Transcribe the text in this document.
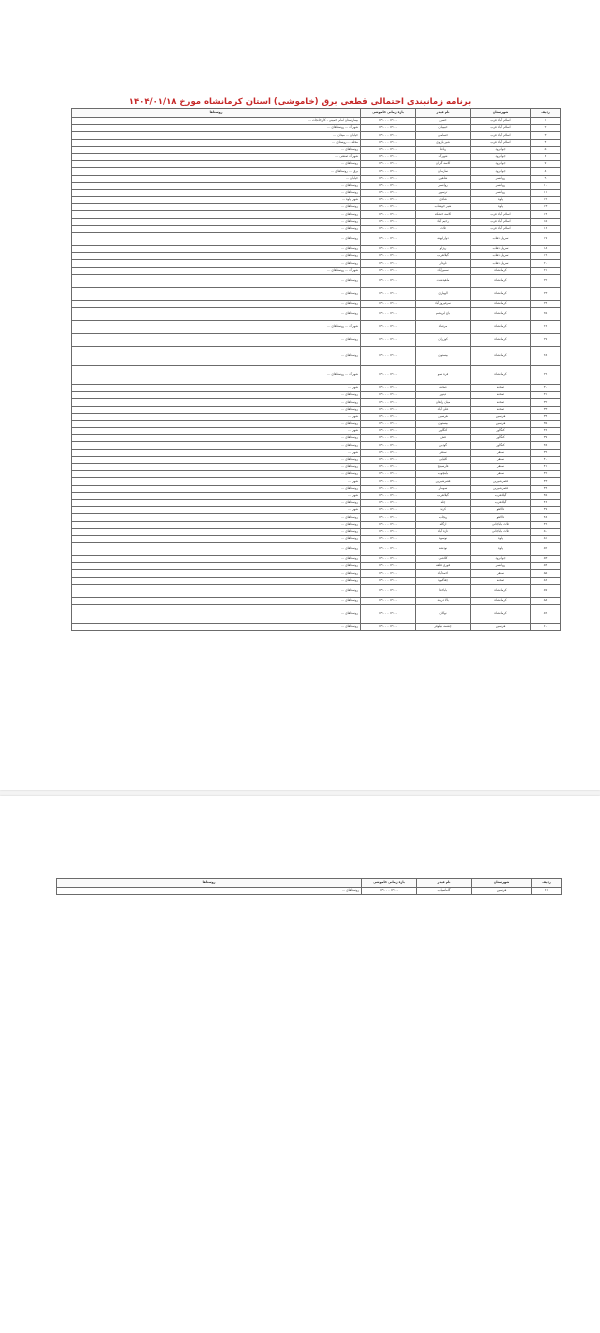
برنامه زمانبندی احتمالی قطعی برق (خاموشی) استان کرمانشاه مورخ ۱۴۰۴/۰۱/۱۸
ردیف	شهرستان	نام فیدر	بازه زمانی خاموشی	روستاها
۱	اسلام آباد غرب	حسن	۱۳:۰۰ - ۱۴:۰۰	بیمارستان امام خمینی - کارخانجات ...
۲	اسلام آباد غرب	حبیبیان	۱۳:۰۰ - ۱۴:۰۰	شهرک ... روستاهای ...
۳	اسلام آباد غرب	حسامی	۱۳:۰۰ - ۱۴:۰۰	خیابان ... میدان ...
۴	اسلام آباد غرب	شیر بازوی	۱۳:۰۰ - ۱۴:۰۰	محله ... روستای ...
۵	جوانرود	رباط	۱۳:۰۰ - ۱۴:۰۰	روستاهای ...
۶	جوانرود	شهرک	۱۳:۰۰ - ۱۴:۰۰	شهرک صنعتی ...
۷	جوانرود	کاسه گران	۱۳:۰۰ - ۱۴:۰۰	روستاهای ...
۸	جوانرود	سازمان	۱۳:۰۰ - ۱۴:۰۰	برق ... روستاهای ...
۹	روانسر	شاهین	۱۳:۰۰ - ۱۴:۰۰	خیابان ...
۱۰	روانسر	روانسر	۱۳:۰۰ - ۱۴:۰۰	روستاهای ...
۱۱	روانسر	ترسور	۱۳:۰۰ - ۱۴:۰۰	روستاهای ...
۱۲	پاوه	شادی	۱۳:۰۰ - ۱۴:۰۰	شهر پاوه ...
۱۳	پاوه	شیر خوشاب	۱۳:۰۰ - ۱۴:۰۰	روستاهای ...
۱۴	اسلام آباد غرب	کاسه خشکه	۱۳:۰۰ - ۱۴:۰۰	روستاهای ...
۱۵	اسلام آباد غرب	رحیم آباد	۱۳:۰۰ - ۱۴:۰۰	روستاهای ...
۱۶	اسلام آباد غرب	ثلاث	۱۳:۰۰ - ۱۴:۰۰	روستاهای ...
۱۷	سرپل ذهاب	دوارابهنه	۱۳:۰۰ - ۱۴:۰۰	روستاهای ...
۱۸	سرپل ذهاب	ریژاو	۱۳:۰۰ - ۱۴:۰۰	روستاهای ...
۱۹	سرپل ذهاب	گیلانغرب	۱۳:۰۰ - ۱۴:۰۰	روستاهای ...
۲۰	سرپل ذهاب	ناودار	۱۳:۰۰ - ۱۴:۰۰	روستاهای ...
۲۱	کرمانشاه	سمیرآباد	۱۳:۰۰ - ۱۴:۰۰	شهرک ... روستاهای ...
۲۲	کرمانشاه	ماهیدشت	۱۳:۰۰ - ۱۴:۰۰	روستاهای ...
۲۳	کرمانشاه	الهیاری	۱۳:۰۰ - ۱۴:۰۰	روستاهای ...
۲۴	کرمانشاه	سرفیروزآباد	۱۳:۰۰ - ۱۴:۰۰	روستاهای ...
۲۵	کرمانشاه	باغ ابریشم	۱۳:۰۰ - ۱۴:۰۰	روستاهای ...
۲۶	کرمانشاه	مرصاد	۱۳:۰۰ - ۱۴:۰۰	شهرک ... روستاهای ...
۲۷	کرمانشاه	کوزران	۱۳:۰۰ - ۱۴:۰۰	روستاهای ...
۲۸	کرمانشاه	بیستون	۱۳:۰۰ - ۱۴:۰۰	روستاهای ...
۲۹	کرمانشاه	قره سو	۱۳:۰۰ - ۱۴:۰۰	شهرک ... روستاهای ...
۳۰	صحنه	صحنه	۱۳:۰۰ - ۱۴:۰۰	شهر ...
۳۱	صحنه	دینور	۱۳:۰۰ - ۱۴:۰۰	روستاهای ...
۳۲	صحنه	میان راهان	۱۳:۰۰ - ۱۴:۰۰	روستاهای ...
۳۳	صحنه	علی آباد	۱۳:۰۰ - ۱۴:۰۰	روستاهای ...
۳۴	هرسین	هرسین	۱۳:۰۰ - ۱۴:۰۰	شهر ...
۳۵	هرسین	بیستون	۱۳:۰۰ - ۱۴:۰۰	روستاهای ...
۳۶	کنگاور	کنگاور	۱۳:۰۰ - ۱۴:۰۰	شهر ...
۳۷	کنگاور	فش	۱۳:۰۰ - ۱۴:۰۰	روستاهای ...
۳۸	کنگاور	گودین	۱۳:۰۰ - ۱۴:۰۰	روستاهای ...
۳۹	سنقر	سنقر	۱۳:۰۰ - ۱۴:۰۰	شهر ...
۴۰	سنقر	کلیایی	۱۳:۰۰ - ۱۴:۰۰	روستاهای ...
۴۱	سنقر	فارسینج	۱۳:۰۰ - ۱۴:۰۰	روستاهای ...
۴۲	سنقر	باینچوب	۱۳:۰۰ - ۱۴:۰۰	روستاهای ...
۴۳	قصرشیرین	قصرشیرین	۱۳:۰۰ - ۱۴:۰۰	شهر ...
۴۴	قصرشیرین	سومار	۱۳:۰۰ - ۱۴:۰۰	روستاهای ...
۴۵	گیلانغرب	گیلانغرب	۱۳:۰۰ - ۱۴:۰۰	شهر ...
۴۶	گیلانغرب	چله	۱۳:۰۰ - ۱۴:۰۰	روستاهای ...
۴۷	دالاهو	کرند	۱۳:۰۰ - ۱۴:۰۰	شهر ...
۴۸	دالاهو	ریجاب	۱۳:۰۰ - ۱۴:۰۰	روستاهای ...
۴۹	ثلاث باباجانی	ازگله	۱۳:۰۰ - ۱۴:۰۰	روستاهای ...
۵۰	ثلاث باباجانی	تازه آباد	۱۳:۰۰ - ۱۴:۰۰	روستاهای ...
۵۱	پاوه	نوسود	۱۳:۰۰ - ۱۴:۰۰	روستاهای ...
۵۲	پاوه	نودشه	۱۳:۰۰ - ۱۴:۰۰	روستاهای ...
۵۳	جوانرود	کلاشی	۱۳:۰۰ - ۱۴:۰۰	روستاهای ...
۵۴	روانسر	قوری قلعه	۱۳:۰۰ - ۱۴:۰۰	روستاهای ...
۵۵	سنقر	احمدآباد	۱۳:۰۰ - ۱۴:۰۰	روستاهای ...
۵۶	صحنه	چقاکبود	۱۳:۰۰ - ۱۴:۰۰	روستاهای ...
۵۷	کرمانشاه	باباخدا	۱۳:۰۰ - ۱۴:۰۰	روستاهای ...
۵۸	کرمانشاه	بالا دربند	۱۳:۰۰ - ۱۴:۰۰	روستاهای ...
۵۹	کرمانشاه	نوکان	۱۳:۰۰ - ۱۴:۰۰	روستاهای ...
۶۰	هرسین	چشمه نیلوفر	۱۳:۰۰ - ۱۴:۰۰	روستاهای ...
ردیف	شهرستان	نام فیدر	بازه زمانی خاموشی	روستاها
۶۱	هرسین	گاماسیاب	۱۳:۰۰ - ۱۴:۰۰	روستاهای ...
